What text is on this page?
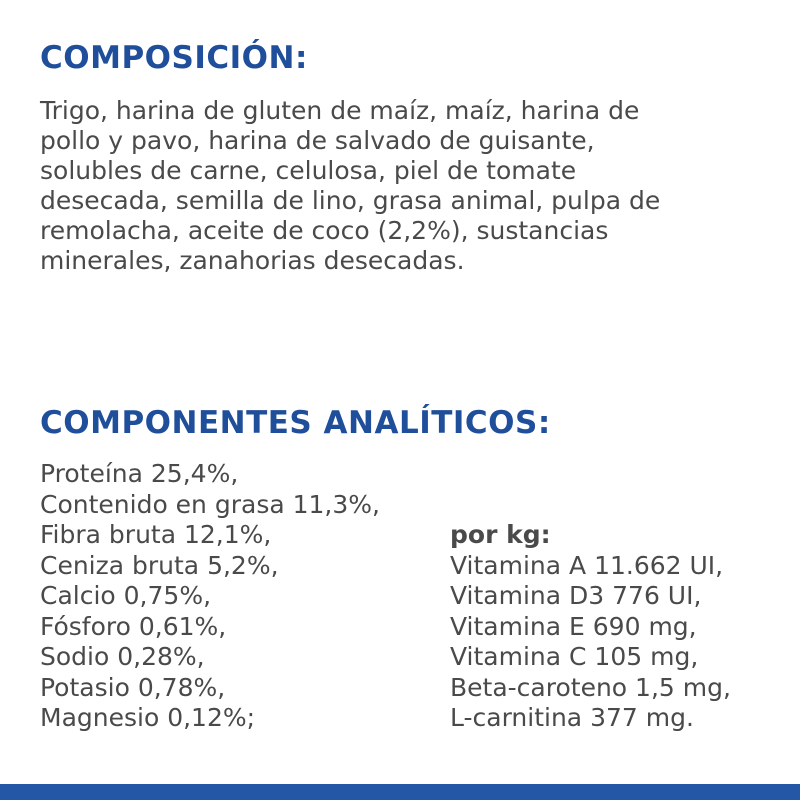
COMPOSICIÓN:

Trigo, harina de gluten de maíz, maíz, harina de
pollo y pavo, harina de salvado de guisante,
solubles de carne, celulosa, piel de tomate
desecada, semilla de lino, grasa animal, pulpa de
remolacha, aceite de coco (2,2%), sustancias
minerales, zanahorias desecadas.

COMPONENTES ANALÍTICOS:
Proteína 25,4%,
Contenido en grasa 11,3%,
Fibra bruta 12,1%,
Ceniza bruta 5,2%,
Calcio 0,75%,
Fósforo 0,61%,
Sodio 0,28%,
Potasio 0,78%,
Magnesio 0,12%;
por kg:
Vitamina A 11.662 UI,
Vitamina D3 776 UI,
Vitamina E 690 mg,
Vitamina C 105 mg,
Beta-caroteno 1,5 mg,
L-carnitina 377 mg.
